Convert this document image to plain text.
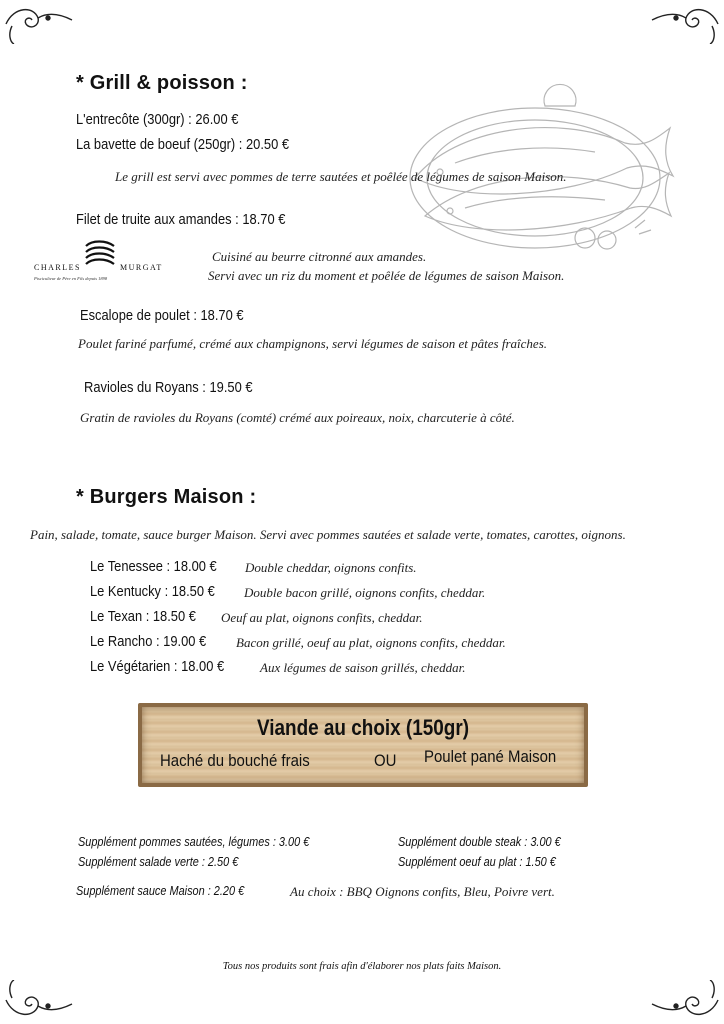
* Grill & poisson :
L'entrecôte (300gr) : 26.00 €
La bavette de boeuf (250gr) : 20.50 €
Le grill est servi avec pommes de terre sautées et poêlée de légumes de saison Maison.
Filet de truite aux amandes : 18.70 €
CHARLES	MURGAT
Pisciculteur de Père en Fils depuis 1898
Cuisiné au beurre citronné aux amandes.
Servi avec un riz du moment et poêlée de légumes de saison Maison.
Escalope de poulet : 18.70 €
Poulet fariné parfumé, crémé aux champignons, servi légumes de saison et pâtes fraîches.
Ravioles du Royans : 19.50 €
Gratin de ravioles du Royans (comté) crémé aux poireaux, noix, charcuterie à côté.
* Burgers Maison :
Pain, salade, tomate, sauce burger Maison. Servi avec pommes sautées et salade verte, tomates, carottes, oignons.
Le Tenessee : 18.00 € Double cheddar, oignons confits.
Le Kentucky : 18.50 € Double bacon grillé, oignons confits, cheddar.
Le Texan : 18.50 € Oeuf au plat, oignons confits, cheddar.
Le Rancho : 19.00 € Bacon grillé, oeuf au plat, oignons confits, cheddar.
Le Végétarien : 18.00 €	Aux légumes de saison grillés, cheddar.
Viande au choix (150gr)
Haché du bouché frais	OU Poulet pané Maison
Supplément pommes sautées, légumes : 3.00 €	Supplément double steak : 3.00 €
Supplément salade verte : 2.50 €	Supplément oeuf au plat : 1.50 €
Supplément sauce Maison : 2.20 €	Au choix : BBQ Oignons confits, Bleu, Poivre vert.
Tous nos produits sont frais afin d'élaborer nos plats faits Maison.
